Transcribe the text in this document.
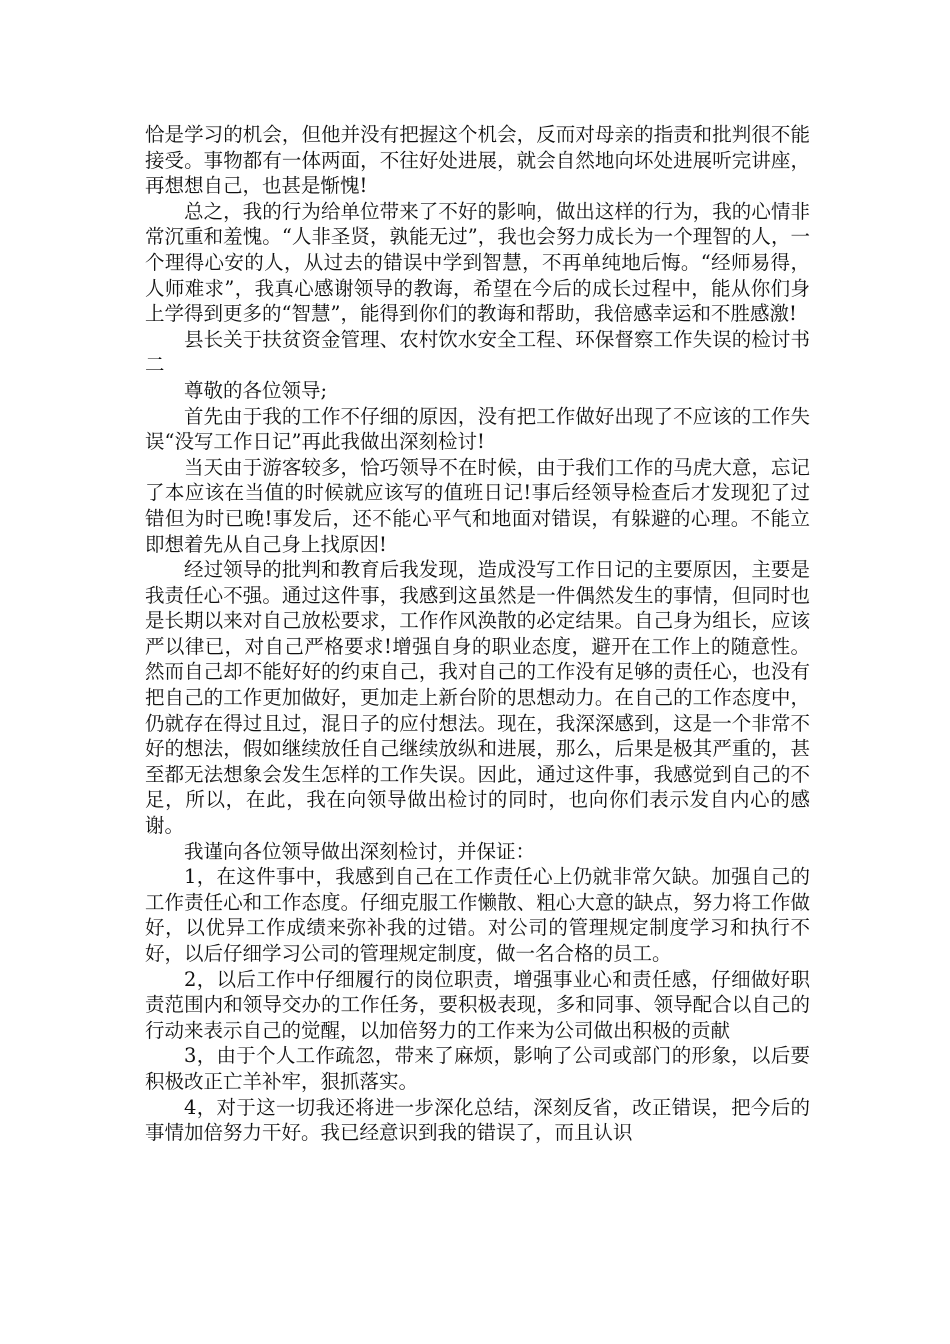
恰是学习的机会，但他并没有把握这个机会，反而对母亲的指责和批判很不能接受。事物都有一体两面，不往好处进展，就会自然地向坏处进展听完讲座，再想想自己，也甚是惭愧!

总之，我的行为给单位带来了不好的影响，做出这样的行为，我的心情非常沉重和羞愧。“人非圣贤，孰能无过”，我也会努力成长为一个理智的人，一个理得心安的人，从过去的错误中学到智慧，不再单纯地后悔。“经师易得，人师难求”，我真心感谢领导的教诲，希望在今后的成长过程中，能从你们身上学得到更多的“智慧”，能得到你们的教诲和帮助，我倍感幸运和不胜感激!

县长关于扶贫资金管理、农村饮水安全工程、环保督察工作失误的检讨书二

尊敬的各位领导;

首先由于我的工作不仔细的原因，没有把工作做好出现了不应该的工作失误“没写工作日记”再此我做出深刻检讨!

当天由于游客较多，恰巧领导不在时候，由于我们工作的马虎大意，忘记了本应该在当值的时候就应该写的值班日记!事后经领导检查后才发现犯了过错但为时已晚!事发后，还不能心平气和地面对错误，有躲避的心理。不能立即想着先从自己身上找原因!

经过领导的批判和教育后我发现，造成没写工作日记的主要原因，主要是我责任心不强。通过这件事，我感到这虽然是一件偶然发生的事情，但同时也是长期以来对自己放松要求，工作作风涣散的必定结果。自己身为组长，应该严以律已，对自己严格要求!增强自身的职业态度，避开在工作上的随意性。然而自己却不能好好的约束自己，我对自己的工作没有足够的责任心，也没有把自己的工作更加做好，更加走上新台阶的思想动力。在自己的工作态度中，仍就存在得过且过，混日子的应付想法。现在，我深深感到，这是一个非常不好的想法，假如继续放任自己继续放纵和进展，那么，后果是极其严重的，甚至都无法想象会发生怎样的工作失误。因此，通过这件事，我感觉到自己的不足，所以，在此，我在向领导做出检讨的同时，也向你们表示发自内心的感谢。

我谨向各位领导做出深刻检讨，并保证：

1，在这件事中，我感到自己在工作责任心上仍就非常欠缺。加强自己的工作责任心和工作态度。仔细克服工作懒散、粗心大意的缺点，努力将工作做好，以优异工作成绩来弥补我的过错。对公司的管理规定制度学习和执行不好，以后仔细学习公司的管理规定制度，做一名合格的员工。

2，以后工作中仔细履行的岗位职责，增强事业心和责任感，仔细做好职责范围内和领导交办的工作任务，要积极表现，多和同事、领导配合以自己的行动来表示自己的觉醒，以加倍努力的工作来为公司做出积极的贡献

3，由于个人工作疏忽，带来了麻烦，影响了公司或部门的形象，以后要积极改正亡羊补牢，狠抓落实。

4，对于这一切我还将进一步深化总结，深刻反省，改正错误，把今后的事情加倍努力干好。我已经意识到我的错误了，而且认识
